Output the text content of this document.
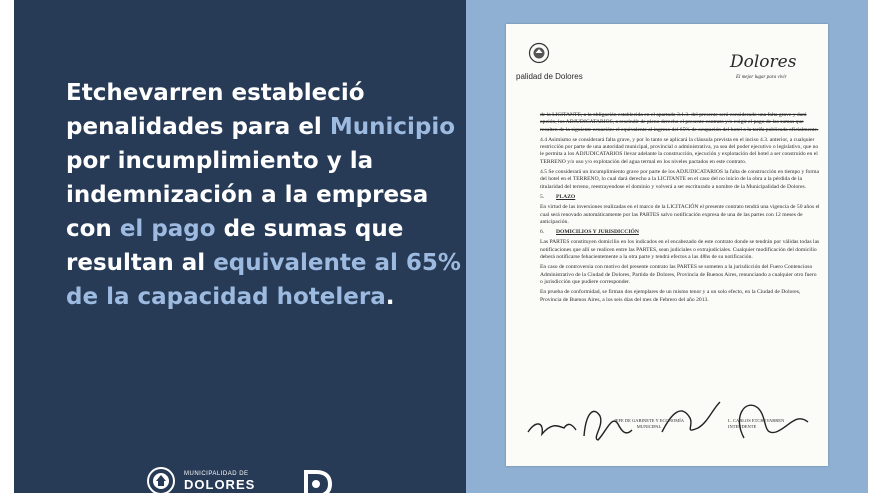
Etchevarren estableció penalidades para el Municipio por incumplimiento y la indemnización a la empresa con el pago de sumas que resultan al equivalente al 65% de la capacidad hotelera.

MUNICIPALIDAD DE
DOLORES
palidad de Dolores
Dolores
El mejor lugar para vivir

de la LICITANTE, a la obligación establecida en el apartado 3.1.3. del presente será considerado una falta grave y dará opción, los ADJUDICATARIOS, a rescindir de pleno derecho el presente contrato y/o exigir el pago de las sumas que resulten de la siguiente ecuación: el equivalente al ingreso del 65% de ocupación del hotel a la tarifa publicada oficialmente.

4.4 Asimismo se considerará falta grave, y por lo tanto se aplicará la cláusula prevista en el inciso 4.3. anterior, a cualquier restricción por parte de una autoridad municipal, provincial o administrativa, ya sea del poder ejecutivo o legislativo, que no le permita a los ADJUDICATARIOS llevar adelante la construcción, ejecución y explotación del hotel a ser construido en el TERRENO y/o uso y/o explotación del agua termal en los niveles pactados en este contrato.

4.5 Se considerará un incumplimiento grave por parte de los ADJUDICATARIOS la falta de construcción en tiempo y forma del hotel en el TERRENO, lo cual dará derecho a la LICITANTE en el caso del no inicio de la obra a la pérdida de la titularidad del terreno, reestrayendose el dominio y volverá a ser escriturado a nombre de la Municipalidad de Dolores.

5. PLAZO

En virtud de las inversiones realizadas en el marco de la LICITACIÓN el presente contrato tendrá una vigencia de 50 años el cual será renovado automáticamente por las PARTES salvo notificación expresa de una de las partes con 12 meses de anticipación.

6. DOMICILIOS Y JURISDICCIÓN

Las PARTES constituyen domicilio en los indicados en el encabezado de este contrato donde se tendrán por válidas todas las notificaciones que allí se realicen entre las PARTES, sean judiciales o extrajudiciales. Cualquier modificación del domicilio deberá notificarse fehacientemente a la otra parte y tendrá efectos a las 48hs de su notificación.

En caso de controversia con motivo del presente contrato las PARTES se someten a la jurisdicción del Fuero Contencioso Administrativo de la Ciudad de Dolores, Partido de Dolores, Provincia de Buenos Aires, renunciando a cualquier otro fuero o jurisdicción que pudiere corresponder.

En prueba de conformidad, se firman dos ejemplares de un mismo tenor y a un solo efecto, en la Ciudad de Dolores, Provincia de Buenos Aires, a los seis días del mes de Febrero del año 2013.

JEFE DE GABINETE Y ECONOMÍA MUNICIPAL
L. CARLOS ETCHEVARREN INTENDENTE
